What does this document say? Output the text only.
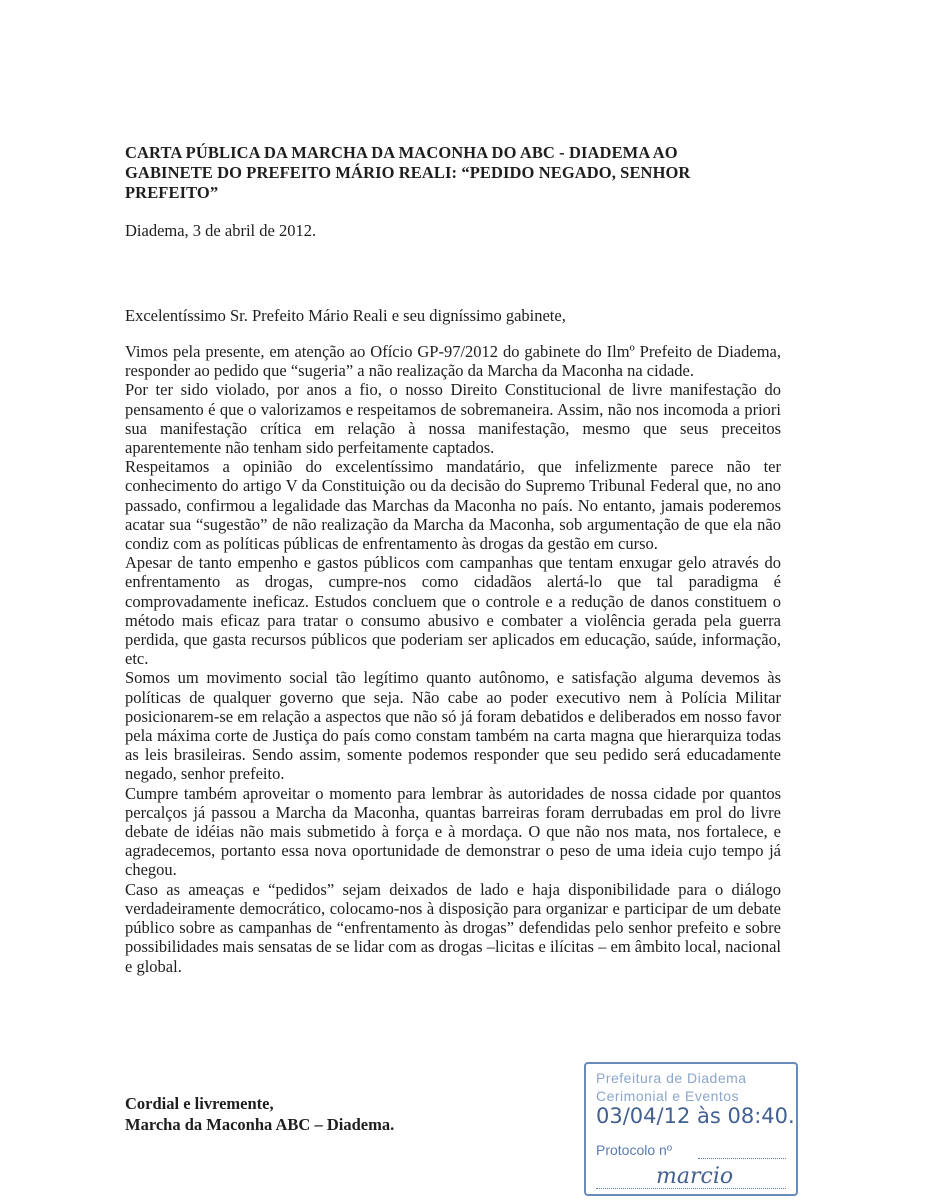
CARTA PÚBLICA DA MARCHA DA MACONHA DO ABC - DIADEMA AO GABINETE DO PREFEITO MÁRIO REALI: “PEDIDO NEGADO, SENHOR PREFEITO”

Diadema, 3 de abril de 2012.

Excelentíssimo Sr. Prefeito Mário Reali e seu digníssimo gabinete,

Vimos pela presente, em atenção ao Ofício GP-97/2012 do gabinete do Ilmº Prefeito de Diadema, responder ao pedido que “sugeria” a não realização da Marcha da Maconha na cidade.

Por ter sido violado, por anos a fio, o nosso Direito Constitucional de livre manifestação do pensamento é que o valorizamos e respeitamos de sobremaneira. Assim, não nos incomoda a priori sua manifestação crítica em relação à nossa manifestação, mesmo que seus preceitos aparentemente não tenham sido perfeitamente captados.

Respeitamos a opinião do excelentíssimo mandatário, que infelizmente parece não ter conhecimento do artigo V da Constituição ou da decisão do Supremo Tribunal Federal que, no ano passado, confirmou a legalidade das Marchas da Maconha no país. No entanto, jamais poderemos acatar sua “sugestão” de não realização da Marcha da Maconha, sob argumentação de que ela não condiz com as políticas públicas de enfrentamento às drogas da gestão em curso.

Apesar de tanto empenho e gastos públicos com campanhas que tentam enxugar gelo através do enfrentamento as drogas, cumpre-nos como cidadãos alertá-lo que tal paradigma é comprovadamente ineficaz. Estudos concluem que o controle e a redução de danos constituem o método mais eficaz para tratar o consumo abusivo e combater a violência gerada pela guerra perdida, que gasta recursos públicos que poderiam ser aplicados em educação, saúde, informação, etc.

Somos um movimento social tão legítimo quanto autônomo, e satisfação alguma devemos às políticas de qualquer governo que seja. Não cabe ao poder executivo nem à Polícia Militar posicionarem-se em relação a aspectos que não só já foram debatidos e deliberados em nosso favor pela máxima corte de Justiça do país como constam também na carta magna que hierarquiza todas as leis brasileiras. Sendo assim, somente podemos responder que seu pedido será educadamente negado, senhor prefeito.

Cumpre também aproveitar o momento para lembrar às autoridades de nossa cidade por quantos percalços já passou a Marcha da Maconha, quantas barreiras foram derrubadas em prol do livre debate de idéias não mais submetido à força e à mordaça. O que não nos mata, nos fortalece, e agradecemos, portanto essa nova oportunidade de demonstrar o peso de uma ideia cujo tempo já chegou.

Caso as ameaças e “pedidos” sejam deixados de lado e haja disponibilidade para o diálogo verdadeiramente democrático, colocamo-nos à disposição para organizar e participar de um debate público sobre as campanhas de “enfrentamento às drogas” defendidas pelo senhor prefeito e sobre possibilidades mais sensatas de se lidar com as drogas –licitas e ilícitas – em âmbito local, nacional e global.

Cordial e livremente,

Marcha da Maconha ABC – Diadema.

Prefeitura de Diadema
Cerimonial e Eventos
03/04/12 às 08:40.
Protocolo nº
marcio
